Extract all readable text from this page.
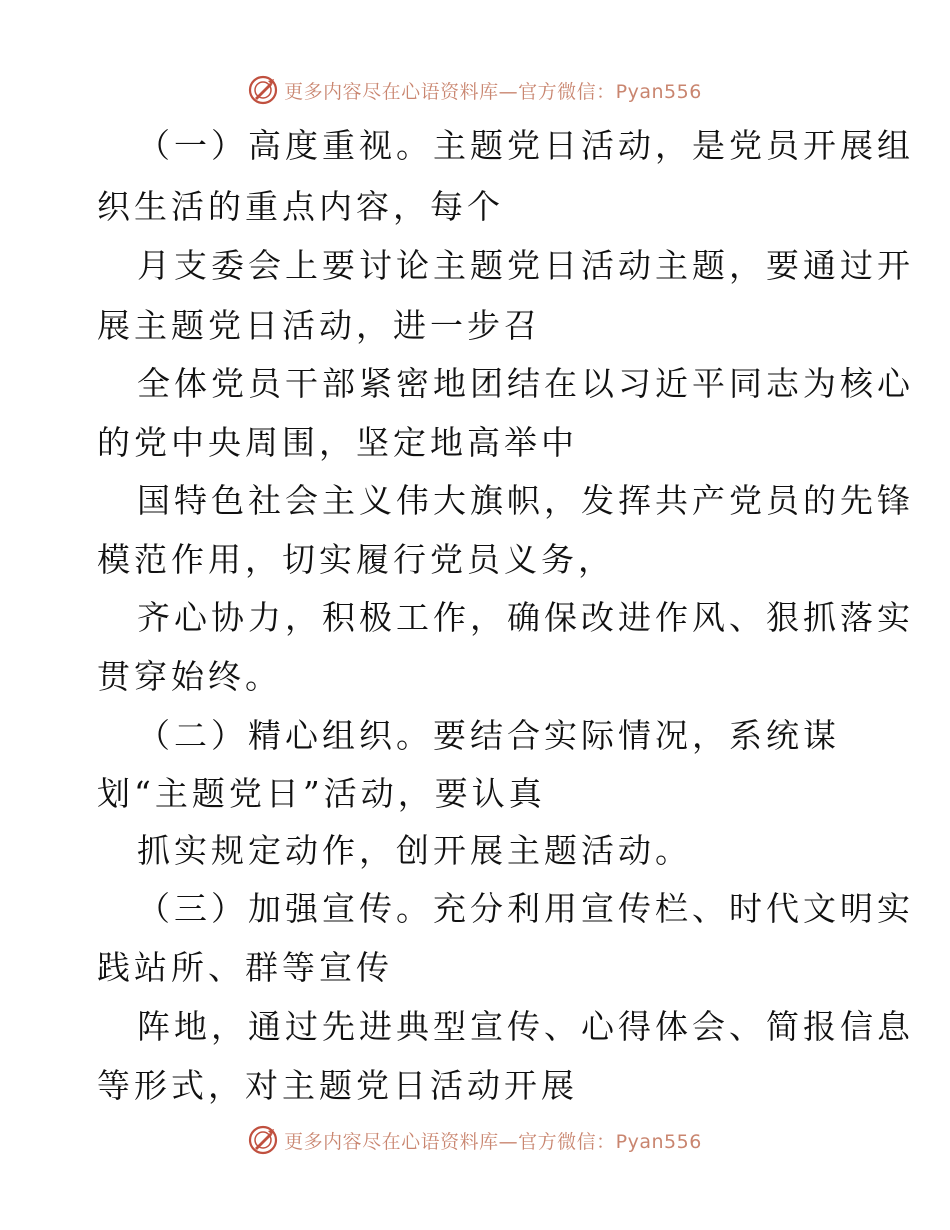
更多内容尽在心语资料库—官方微信：Pyan556
（一）高度重视。主题党日活动，是党员开展组
织生活的重点内容，每个
月支委会上要讨论主题党日活动主题，要通过开
展主题党日活动，进一步召
全体党员干部紧密地团结在以习近平同志为核心
的党中央周围，坚定地高举中
国特色社会主义伟大旗帜，发挥共产党员的先锋
模范作用，切实履行党员义务，
齐心协力，积极工作，确保改进作风、狠抓落实
贯穿始终。
（二）精心组织。要结合实际情况，系统谋
划“主题党日”活动，要认真
抓实规定动作，创开展主题活动。
（三）加强宣传。充分利用宣传栏、时代文明实
践站所、群等宣传
阵地，通过先进典型宣传、心得体会、简报信息
等形式，对主题党日活动开展
更多内容尽在心语资料库—官方微信：Pyan556
